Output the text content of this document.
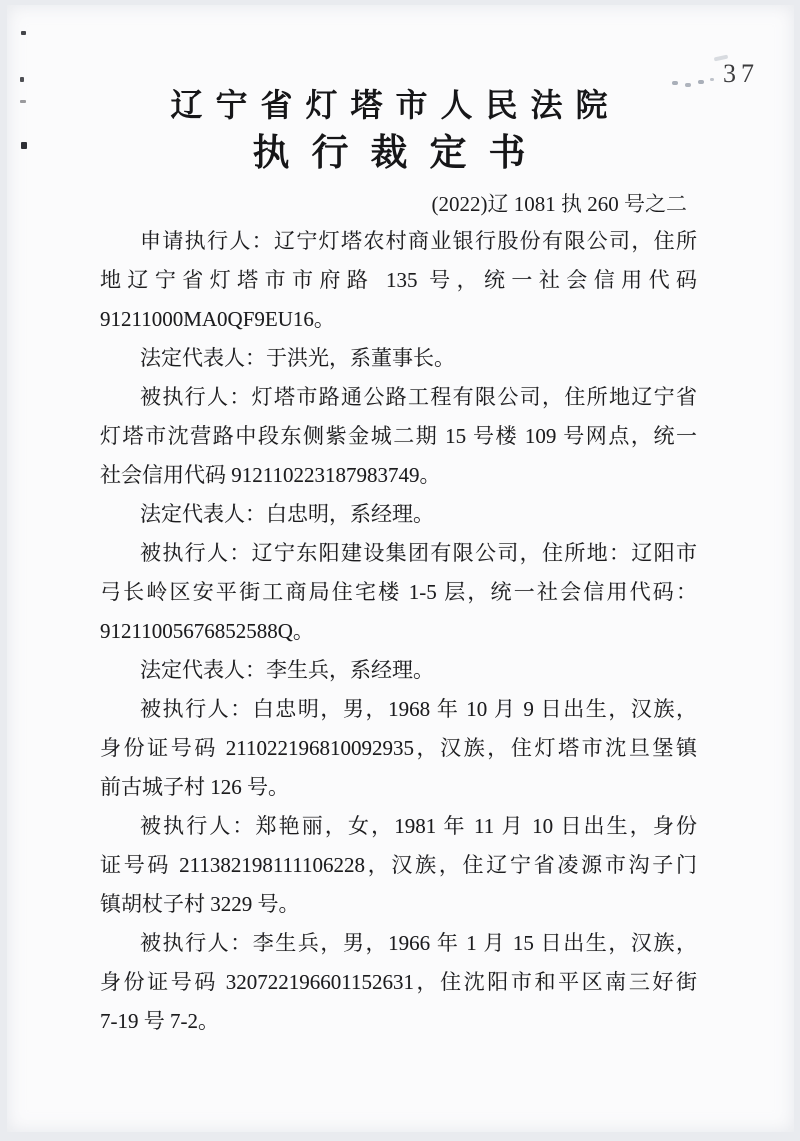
37
辽宁省灯塔市人民法院
执行裁定书
(2022)辽 1081 执 260 号之二
申请执行人：辽宁灯塔农村商业银行股份有限公司，住所
地辽宁省灯塔市市府路 135 号，统一社会信用代码
91211000MA0QF9EU16。
法定代表人：于洪光，系董事长。
被执行人：灯塔市路通公路工程有限公司，住所地辽宁省
灯塔市沈营路中段东侧紫金城二期 15 号楼 109 号网点，统一
社会信用代码 912110223187983749。
法定代表人：白忠明，系经理。
被执行人：辽宁东阳建设集团有限公司，住所地：辽阳市
弓长岭区安平街工商局住宅楼 1-5 层，统一社会信用代码：
91211005676852588Q。
法定代表人：李生兵，系经理。
被执行人：白忠明，男，1968 年 10 月 9 日出生，汉族，
身份证号码 211022196810092935，汉族，住灯塔市沈旦堡镇
前古城子村 126 号。
被执行人：郑艳丽，女，1981 年 11 月 10 日出生，身份
证号码 211382198111106228，汉族，住辽宁省凌源市沟子门
镇胡杖子村 3229 号。
被执行人：李生兵，男，1966 年 1 月 15 日出生，汉族，
身份证号码 320722196601152631，住沈阳市和平区南三好街
7-19 号 7-2。
